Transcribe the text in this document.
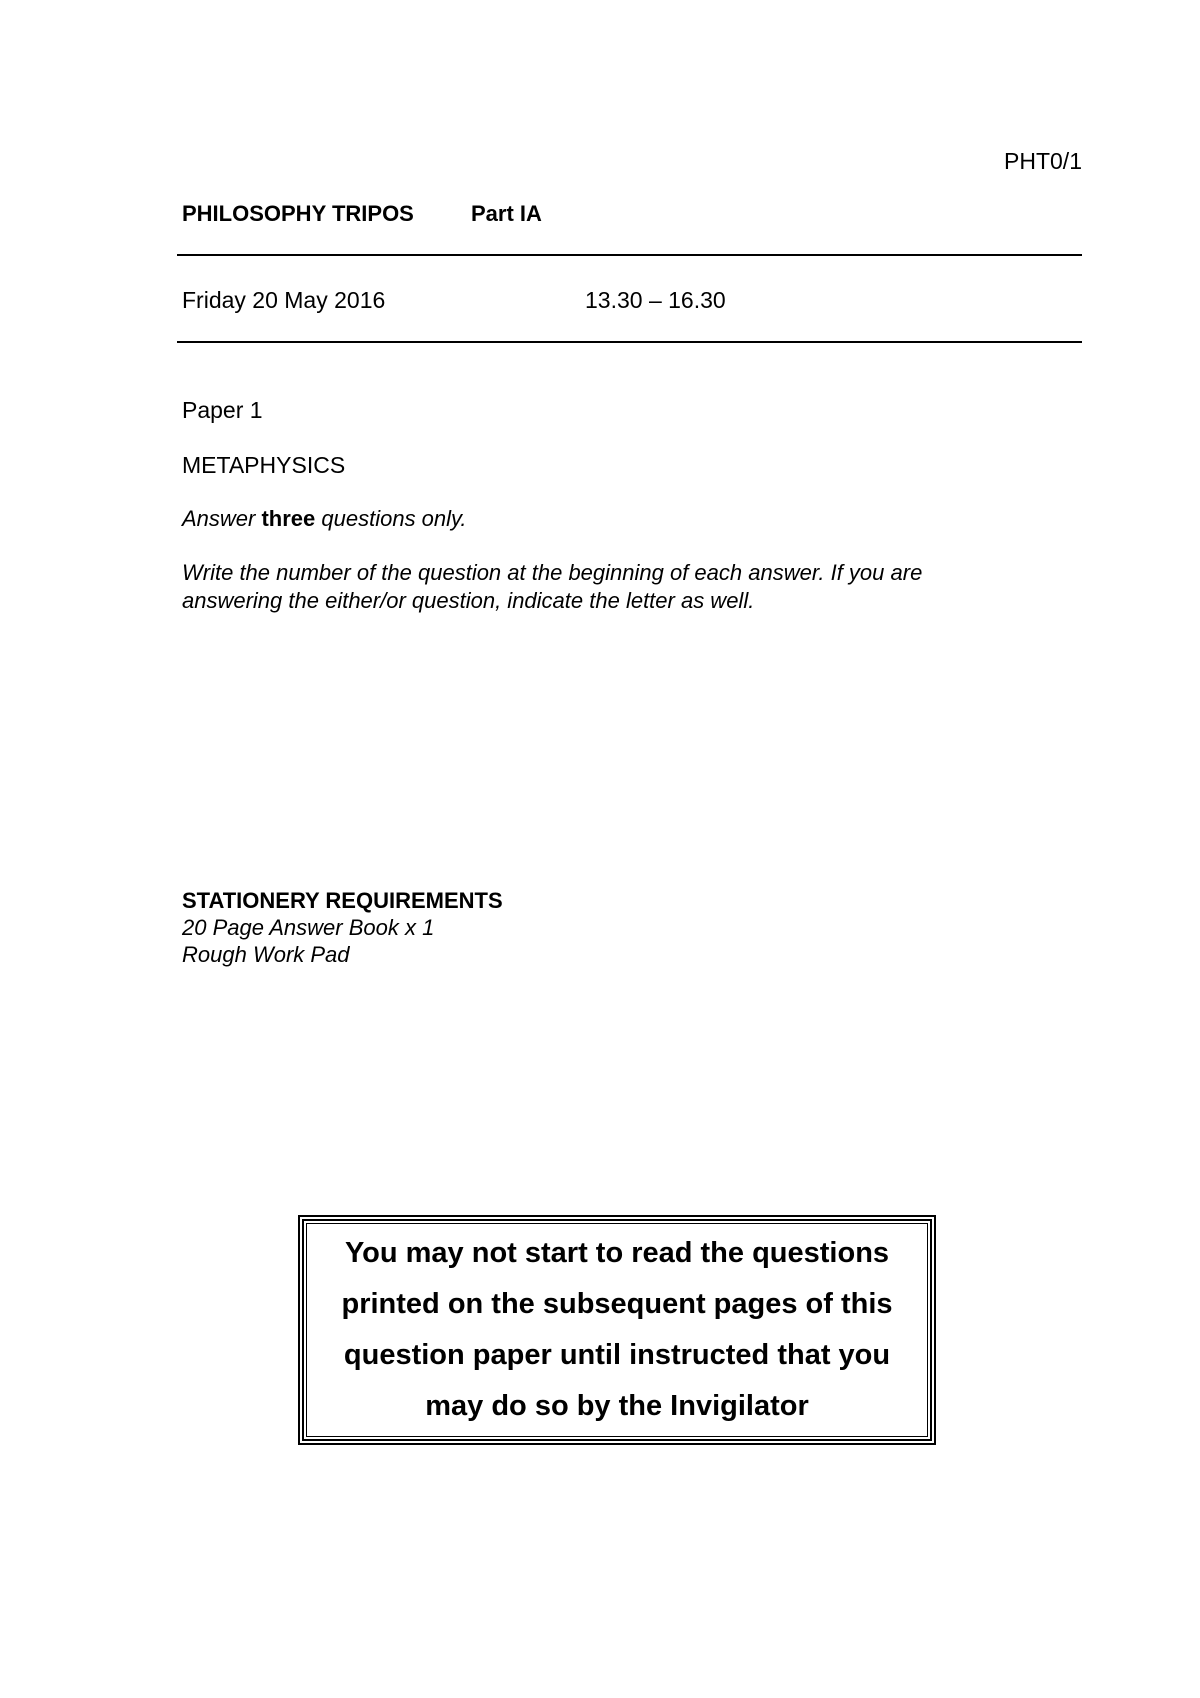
PHT0/1
PHILOSOPHY TRIPOS	Part IA
Friday 20 May 2016	13.30 – 16.30
Paper 1
METAPHYSICS
Answer three questions only.
Write the number of the question at the beginning of each answer. If you are
answering the either/or question, indicate the letter as well.
STATIONERY REQUIREMENTS
20 Page Answer Book x 1
Rough Work Pad
You may not start to read the questions
printed on the subsequent pages of this
question paper until instructed that you
may do so by the Invigilator
